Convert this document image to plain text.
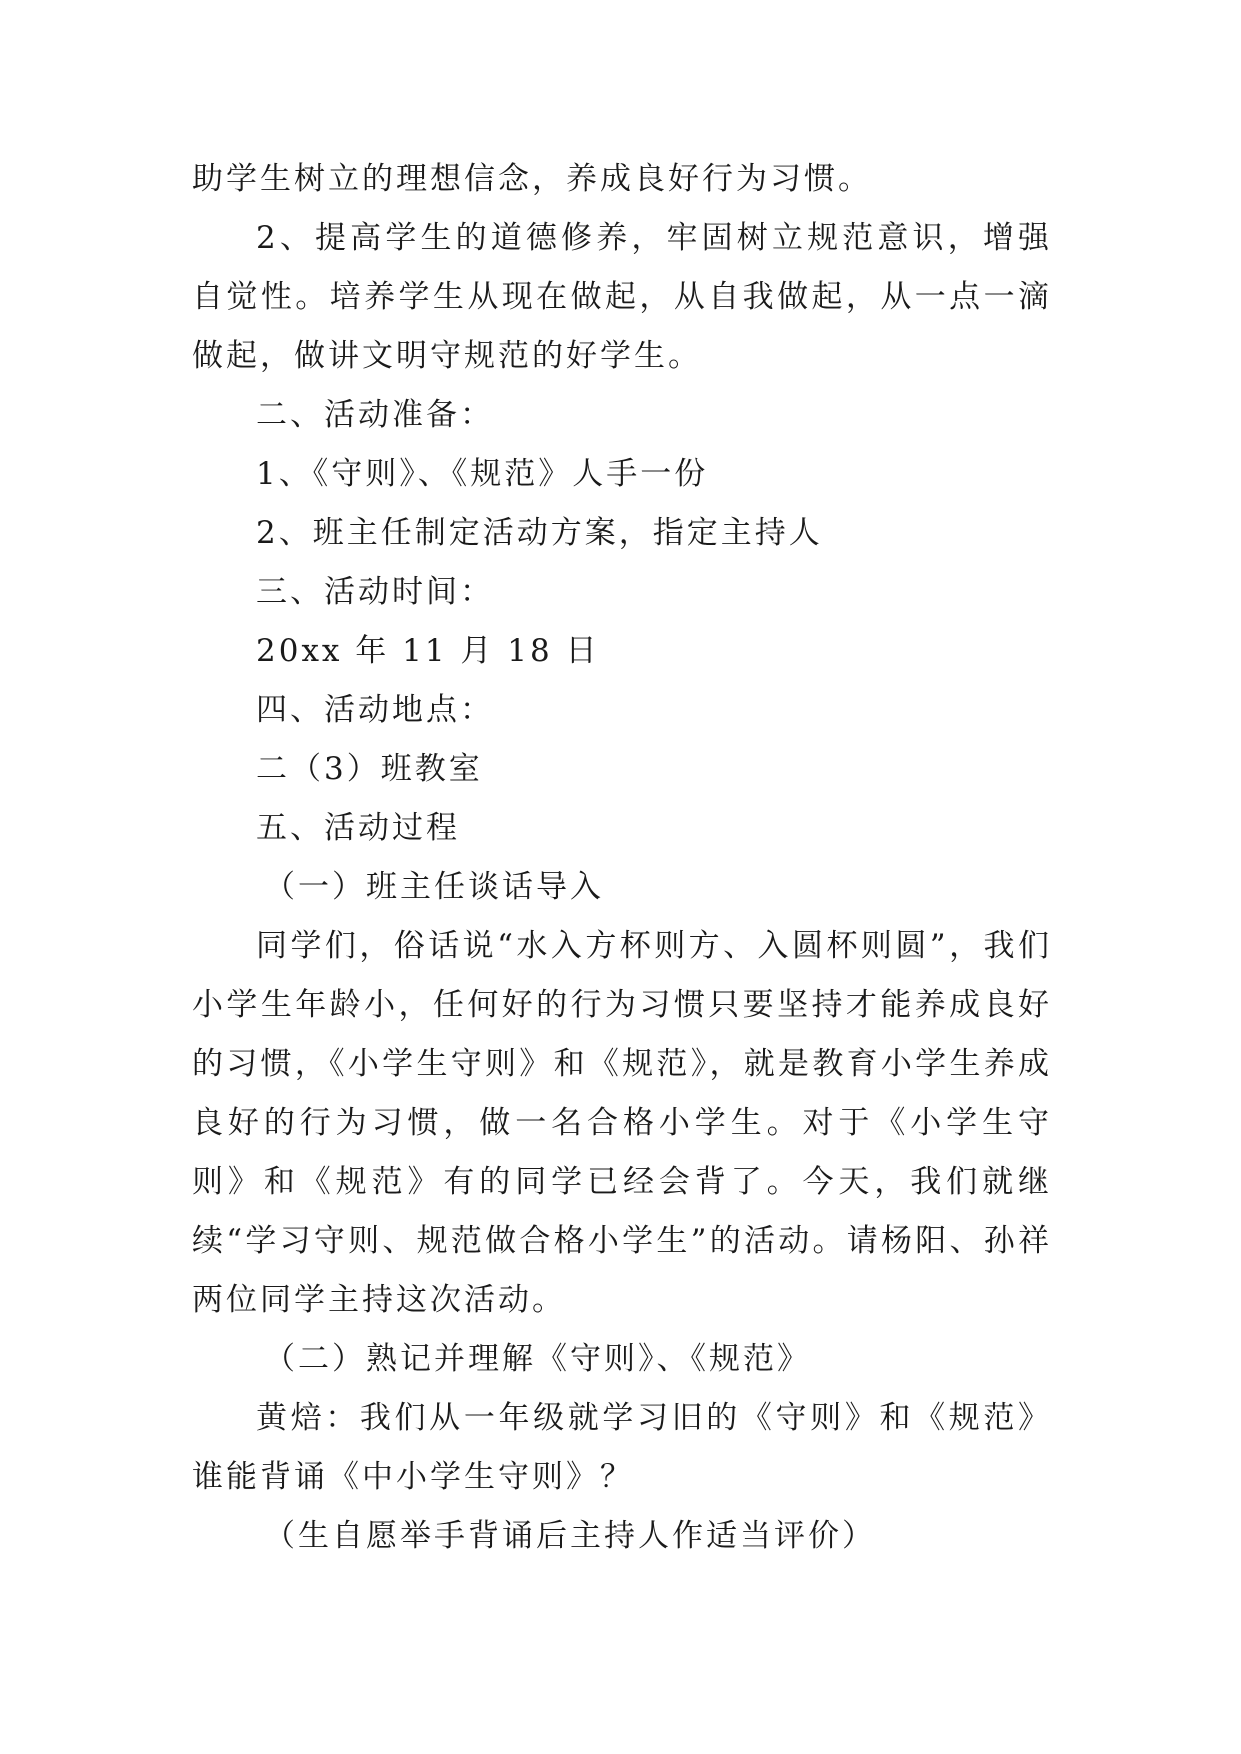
助学生树立的理想信念，养成良好行为习惯。

2、提高学生的道德修养，牢固树立规范意识，增强自觉性。培养学生从现在做起，从自我做起，从一点一滴做起，做讲文明守规范的好学生。

二、活动准备：

1、《守则》、《规范》人手一份

2、班主任制定活动方案，指定主持人

三、活动时间：

20xx 年 11 月 18 日

四、活动地点：

二（3）班教室

五、活动过程

（一）班主任谈话导入

同学们，俗话说“水入方杯则方、入圆杯则圆”，我们小学生年龄小，任何好的行为习惯只要坚持才能养成良好的习惯，《小学生守则》和《规范》，就是教育小学生养成良好的行为习惯，做一名合格小学生。对于《小学生守则》和《规范》有的同学已经会背了。今天，我们就继续“学习守则、规范做合格小学生”的活动。请杨阳、孙祥两位同学主持这次活动。

（二）熟记并理解《守则》、《规范》

黄焙：我们从一年级就学习旧的《守则》和《规范》谁能背诵《中小学生守则》？

（生自愿举手背诵后主持人作适当评价）
